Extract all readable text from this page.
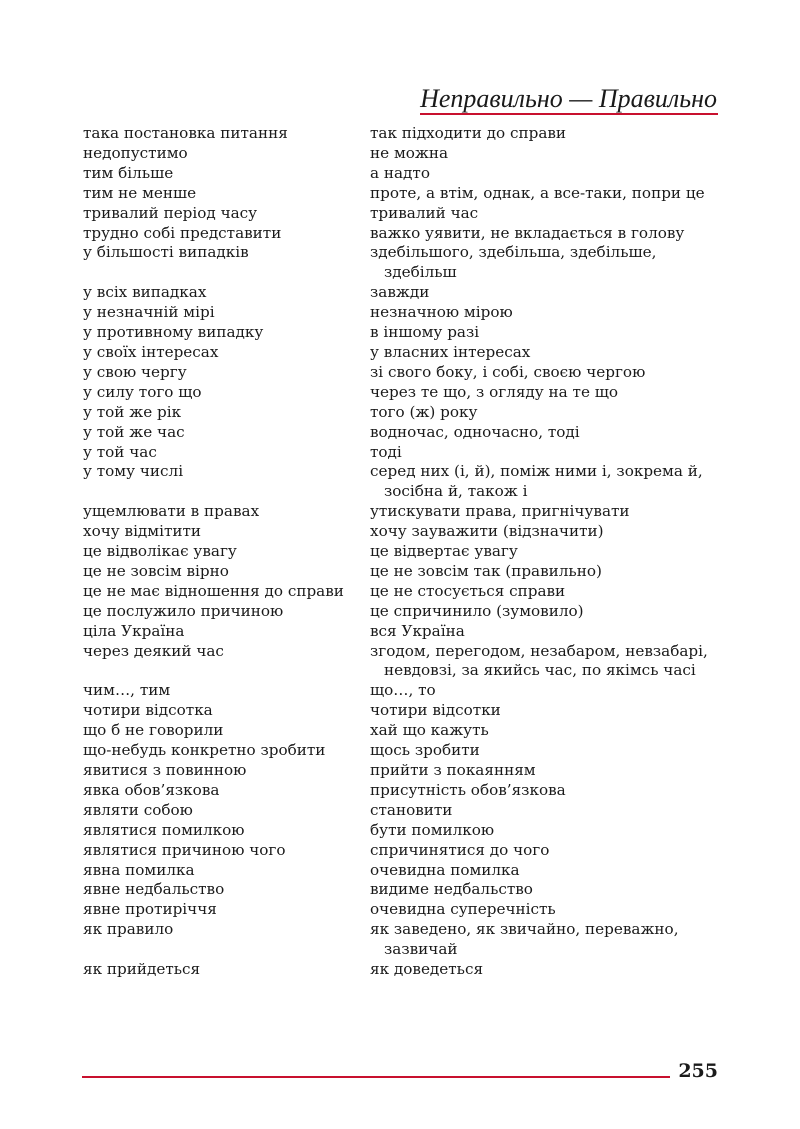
Неправильно — Правильно
така постановка питання	так підходити до справи
недопустимо	не можна
тим більше	а надто
тим не менше	проте, а втім, однак, а все-таки, попри це
тривалий період часу	тривалий час
трудно собі представити	важко уявити, не вкладається в голову
у більшості випадків	здебільшого, здебільша, здебільше,
здебільш
у всіх випадках	завжди
у незначній мірі	незначною мірою
у противному випадку	в іншому разі
у своїх інтересах	у власних інтересах
у свою чергу	зі свого боку, і собі, своєю чергою
у силу того що	через те що, з огляду на те що
у той же рік	того (ж) року
у той же час	водночас, одночасно, тоді
у той час	тоді
у тому числі	серед них (і, й), поміж ними і, зокрема й,
зосібна й, також і
ущемлювати в правах	утискувати права, пригнічувати
хочу відмітити	хочу зауважити (відзначити)
це відволікає увагу	це відвертає увагу
це не зовсім вірно	це не зовсім так (правильно)
це не має відношення до справи	це не стосується справи
це послужило причиною	це спричинило (зумовило)
ціла Україна	вся Україна
через деякий час	згодом, перегодом, незабаром, невзабарі,
невдовзі, за якийсь час, по якімсь часі
чим…, тим	що…, то
чотири відсотка	чотири відсотки
що б не говорили	хай що кажуть
що-небудь конкретно зробити	щось зробити
явитися з повинною	прийти з покаянням
явка обов’язкова	присутність обов’язкова
являти собою	становити
являтися помилкою	бути помилкою
являтися причиною чого	спричинятися до чого
явна помилка	очевидна помилка
явне недбальство	видиме недбальство
явне протиріччя	очевидна суперечність
як правило	як заведено, як звичайно, переважно,
зазвичай
як прийдеться	як доведеться
255
